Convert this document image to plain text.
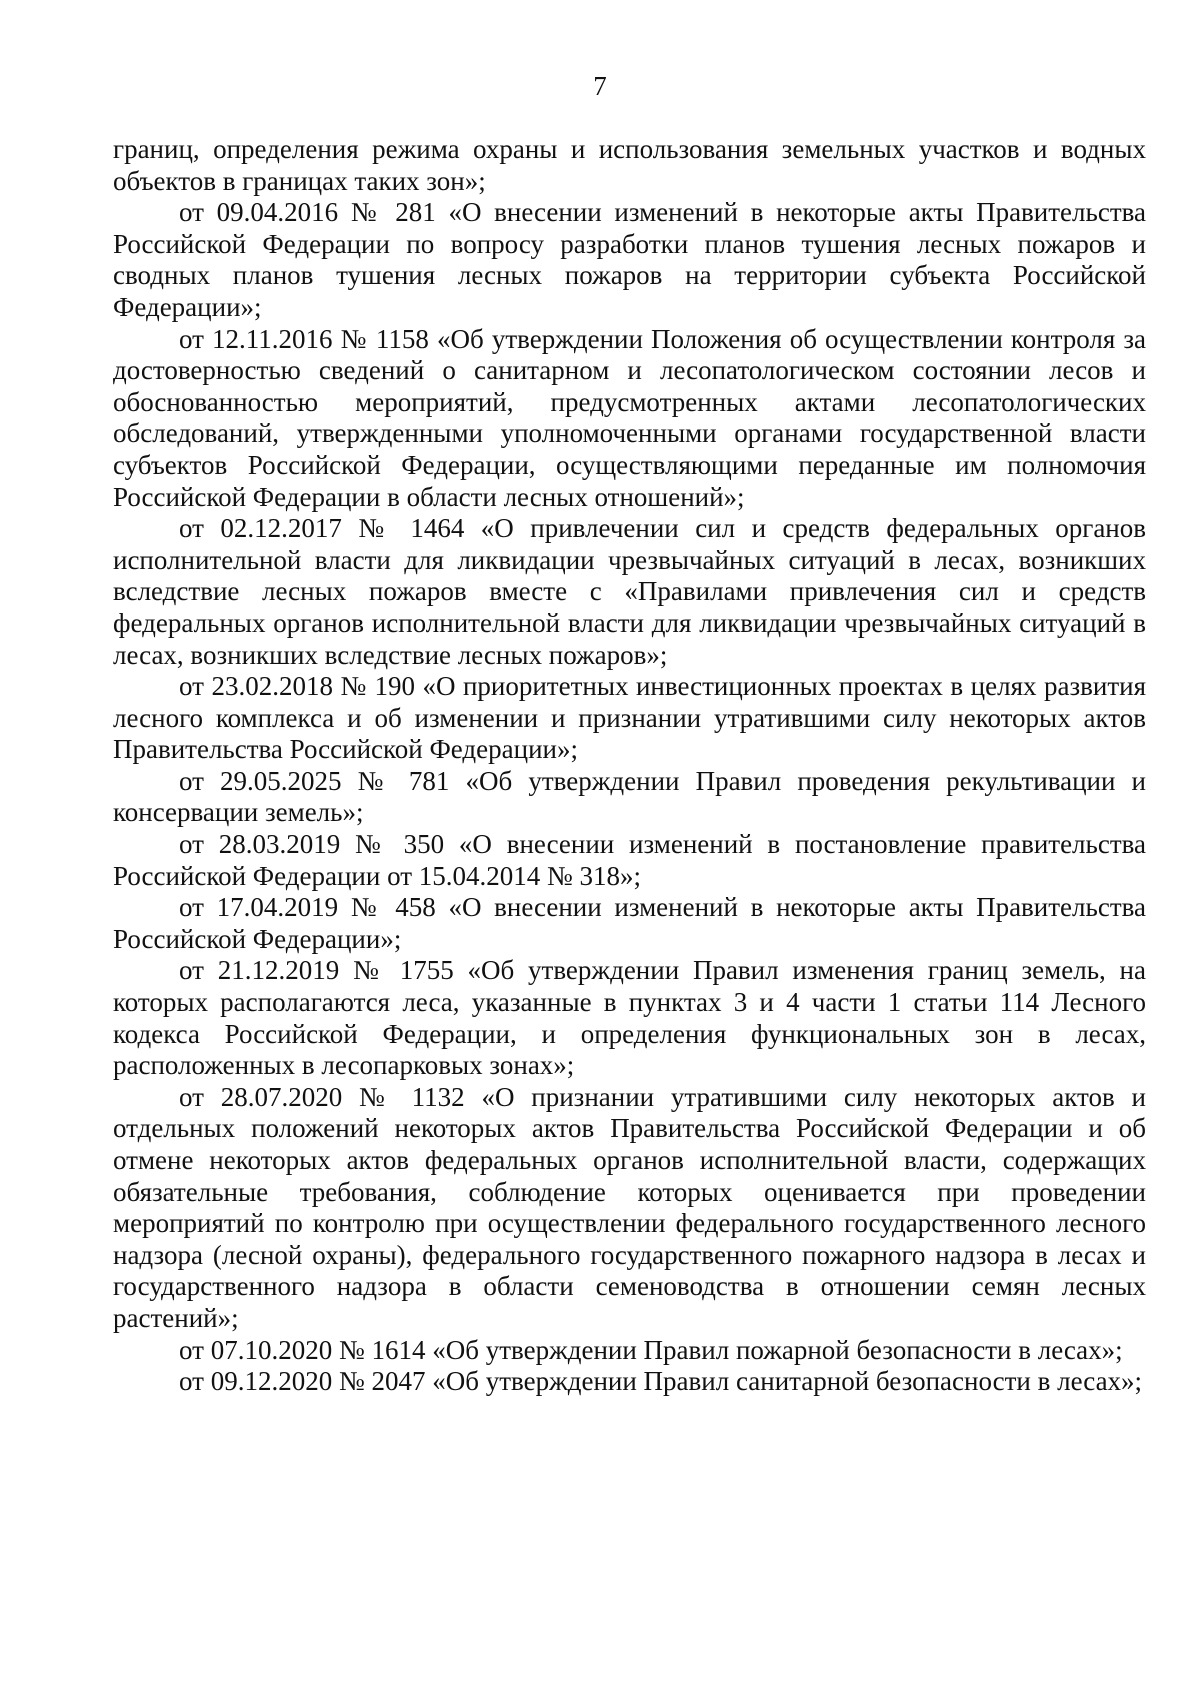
7

границ, определения режима охраны и использования земельных участков и водных объектов в границах таких зон»;

от 09.04.2016 № 281 «О внесении изменений в некоторые акты Правительства Российской Федерации по вопросу разработки планов тушения лесных пожаров и сводных планов тушения лесных пожаров на территории субъекта Российской Федерации»;

от 12.11.2016 № 1158 «Об утверждении Положения об осуществлении контроля за достоверностью сведений о санитарном и лесопатологическом состоянии лесов и обоснованностью мероприятий, предусмотренных актами лесопатологических обследований, утвержденными уполномоченными органами государственной власти субъектов Российской Федерации, осуществляющими переданные им полномочия Российской Федерации в области лесных отношений»;

от 02.12.2017 № 1464 «О привлечении сил и средств федеральных органов исполнительной власти для ликвидации чрезвычайных ситуаций в лесах, возникших вследствие лесных пожаров вместе с «Правилами привлечения сил и средств федеральных органов исполнительной власти для ликвидации чрезвычайных ситуаций в лесах, возникших вследствие лесных пожаров»;

от 23.02.2018 № 190 «О приоритетных инвестиционных проектах в целях развития лесного комплекса и об изменении и признании утратившими силу некоторых актов Правительства Российской Федерации»;

от 29.05.2025 № 781 «Об утверждении Правил проведения рекультивации и консервации земель»;

от 28.03.2019 № 350 «О внесении изменений в постановление правительства Российской Федерации от 15.04.2014 № 318»;

от 17.04.2019 № 458 «О внесении изменений в некоторые акты Правительства Российской Федерации»;

от 21.12.2019 № 1755 «Об утверждении Правил изменения границ земель, на которых располагаются леса, указанные в пунктах 3 и 4 части 1 статьи 114 Лесного кодекса Российской Федерации, и определения функциональных зон в лесах, расположенных в лесопарковых зонах»;

от 28.07.2020 № 1132 «О признании утратившими силу некоторых актов и отдельных положений некоторых актов Правительства Российской Федерации и об отмене некоторых актов федеральных органов исполнительной власти, содержащих обязательные требования, соблюдение которых оценивается при проведении мероприятий по контролю при осуществлении федерального государственного лесного надзора (лесной охраны), федерального государственного пожарного надзора в лесах и государственного надзора в области семеноводства в отношении семян лесных растений»;

от 07.10.2020 № 1614 «Об утверждении Правил пожарной безопасности в лесах»;

от 09.12.2020 № 2047 «Об утверждении Правил санитарной безопасности в лесах»;
